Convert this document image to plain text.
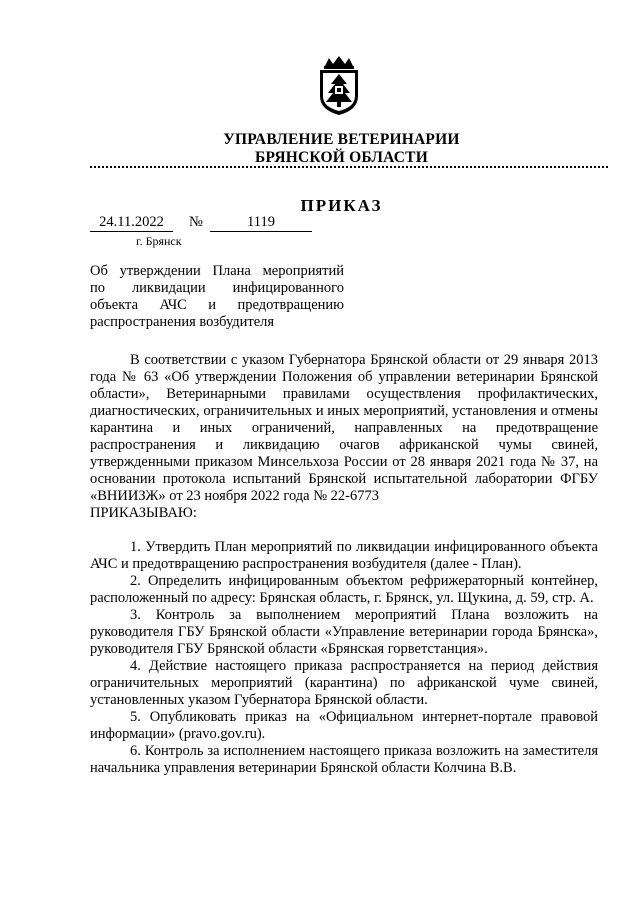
УПРАВЛЕНИЕ ВЕТЕРИНАРИИ
БРЯНСКОЙ ОБЛАСТИ
ПРИКАЗ
24.11.2022	№	1119
г. Брянск
Об утверждении Плана мероприятий
по ликвидации инфицированного
объекта АЧС и предотвращению
распространения возбудителя

В соответствии с указом Губернатора Брянской области от 29 января 2013 года № 63 «Об утверждении Положения об управлении ветеринарии Брянской области», Ветеринарными правилами осуществления профилактических, диагностических, ограничительных и иных мероприятий, установления и отмены карантина и иных ограничений, направленных на предотвращение распространения и ликвидацию очагов африканской чумы свиней, утвержденными приказом Минсельхоза России от 28 января 2021 года № 37, на основании протокола испытаний Брянской испытательной лаборатории ФГБУ «ВНИИЗЖ» от 23 ноября 2022 года № 22-6773

ПРИКАЗЫВАЮ:

1. Утвердить План мероприятий по ликвидации инфицированного объекта АЧС и предотвращению распространения возбудителя (далее - План).

2. Определить инфицированным объектом рефрижераторный контейнер, расположенный по адресу: Брянская область, г. Брянск, ул. Щукина, д. 59, стр. А.

3. Контроль за выполнением мероприятий Плана возложить на руководителя ГБУ Брянской области «Управление ветеринарии города Брянска», руководителя ГБУ Брянской области «Брянская горветстанция».

4. Действие настоящего приказа распространяется на период действия ограничительных мероприятий (карантина) по африканской чуме свиней, установленных указом Губернатора Брянской области.

5. Опубликовать приказ на «Официальном интернет-портале правовой информации» (pravo.gov.ru).

6. Контроль за исполнением настоящего приказа возложить на заместителя начальника управления ветеринарии Брянской области Колчина В.В.
